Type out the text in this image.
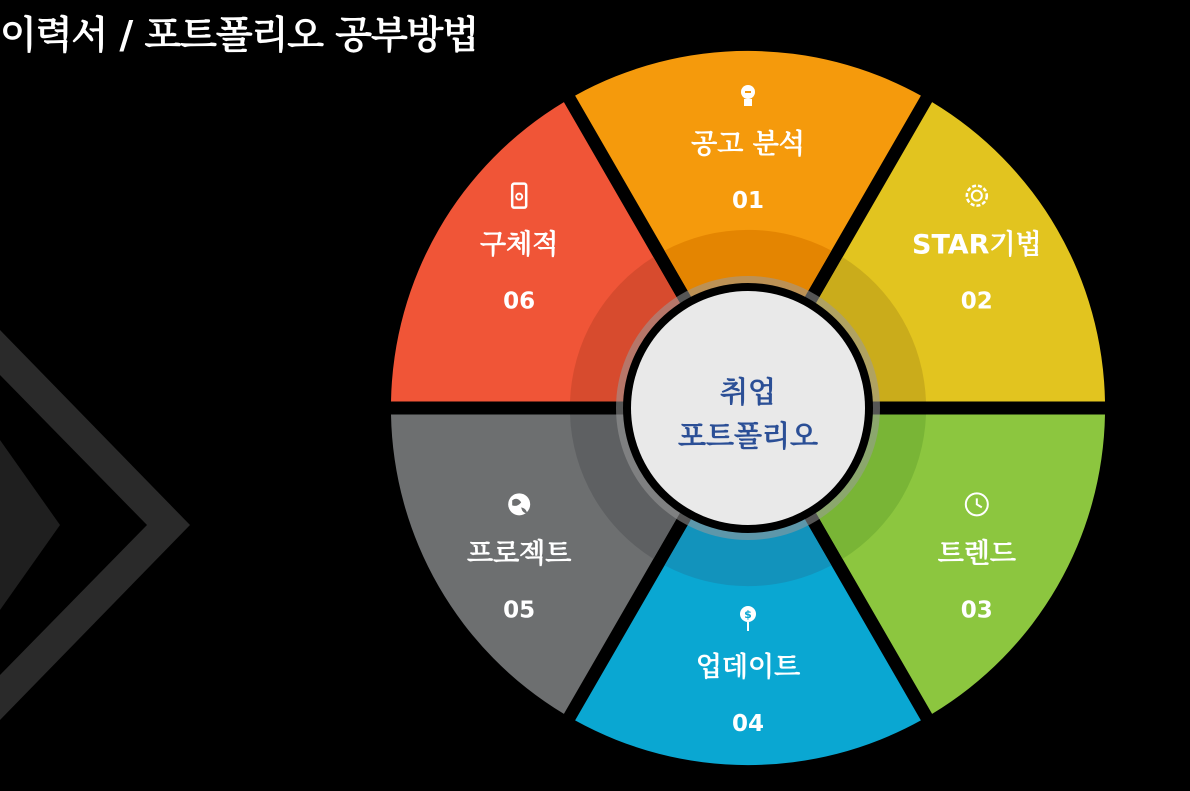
이력서 / 포트폴리오 공부방법
공고 분석
01
STAR기법
02
트렌드
03
$
업데이트
04
프로젝트
05
구체적
06
취업
포트폴리오
